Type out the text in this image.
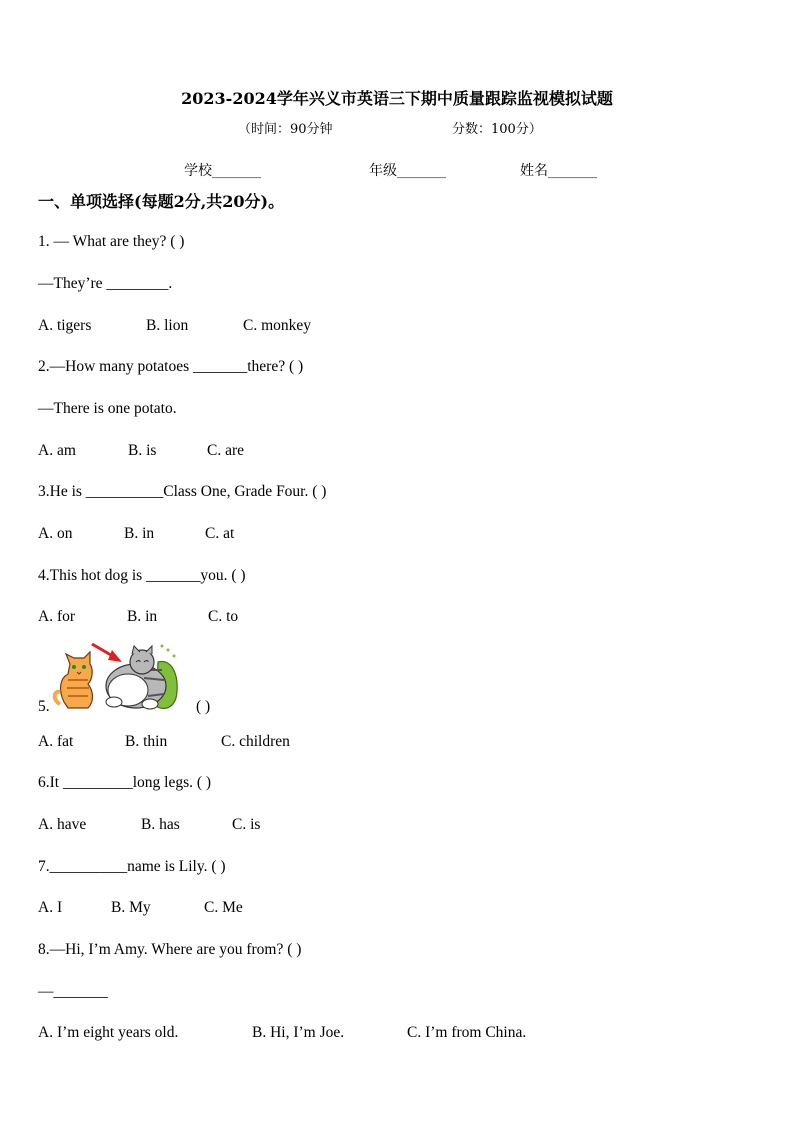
2023-2024学年兴义市英语三下期中质量跟踪监视模拟试题
（时间：90分钟	分数：100分）
学校_______	年级_______	姓名_______
一、单项选择(每题2分,共20分)。
1. — What are they? ( )
—They’re ________.
A. tigers	B. lion	C. monkey
2.—How many potatoes _______there? ( )
—There is one potato.
A. am	B. is	C. are
3.He is __________Class One, Grade Four. ( )
A. on	B. in	C. at
4.This hot dog is _______you. ( )
A. for	B. in	C. to
5.	( )
A. fat	B. thin	C. children
6.It _________long legs. ( )
A. have	B. has	C. is
7.__________name is Lily. ( )
A. I	B. My	C. Me
8.—Hi, I’m Amy. Where are you from? ( )
—_______
A. I’m eight years old.	B. Hi, I’m Joe.	C. I’m from China.
